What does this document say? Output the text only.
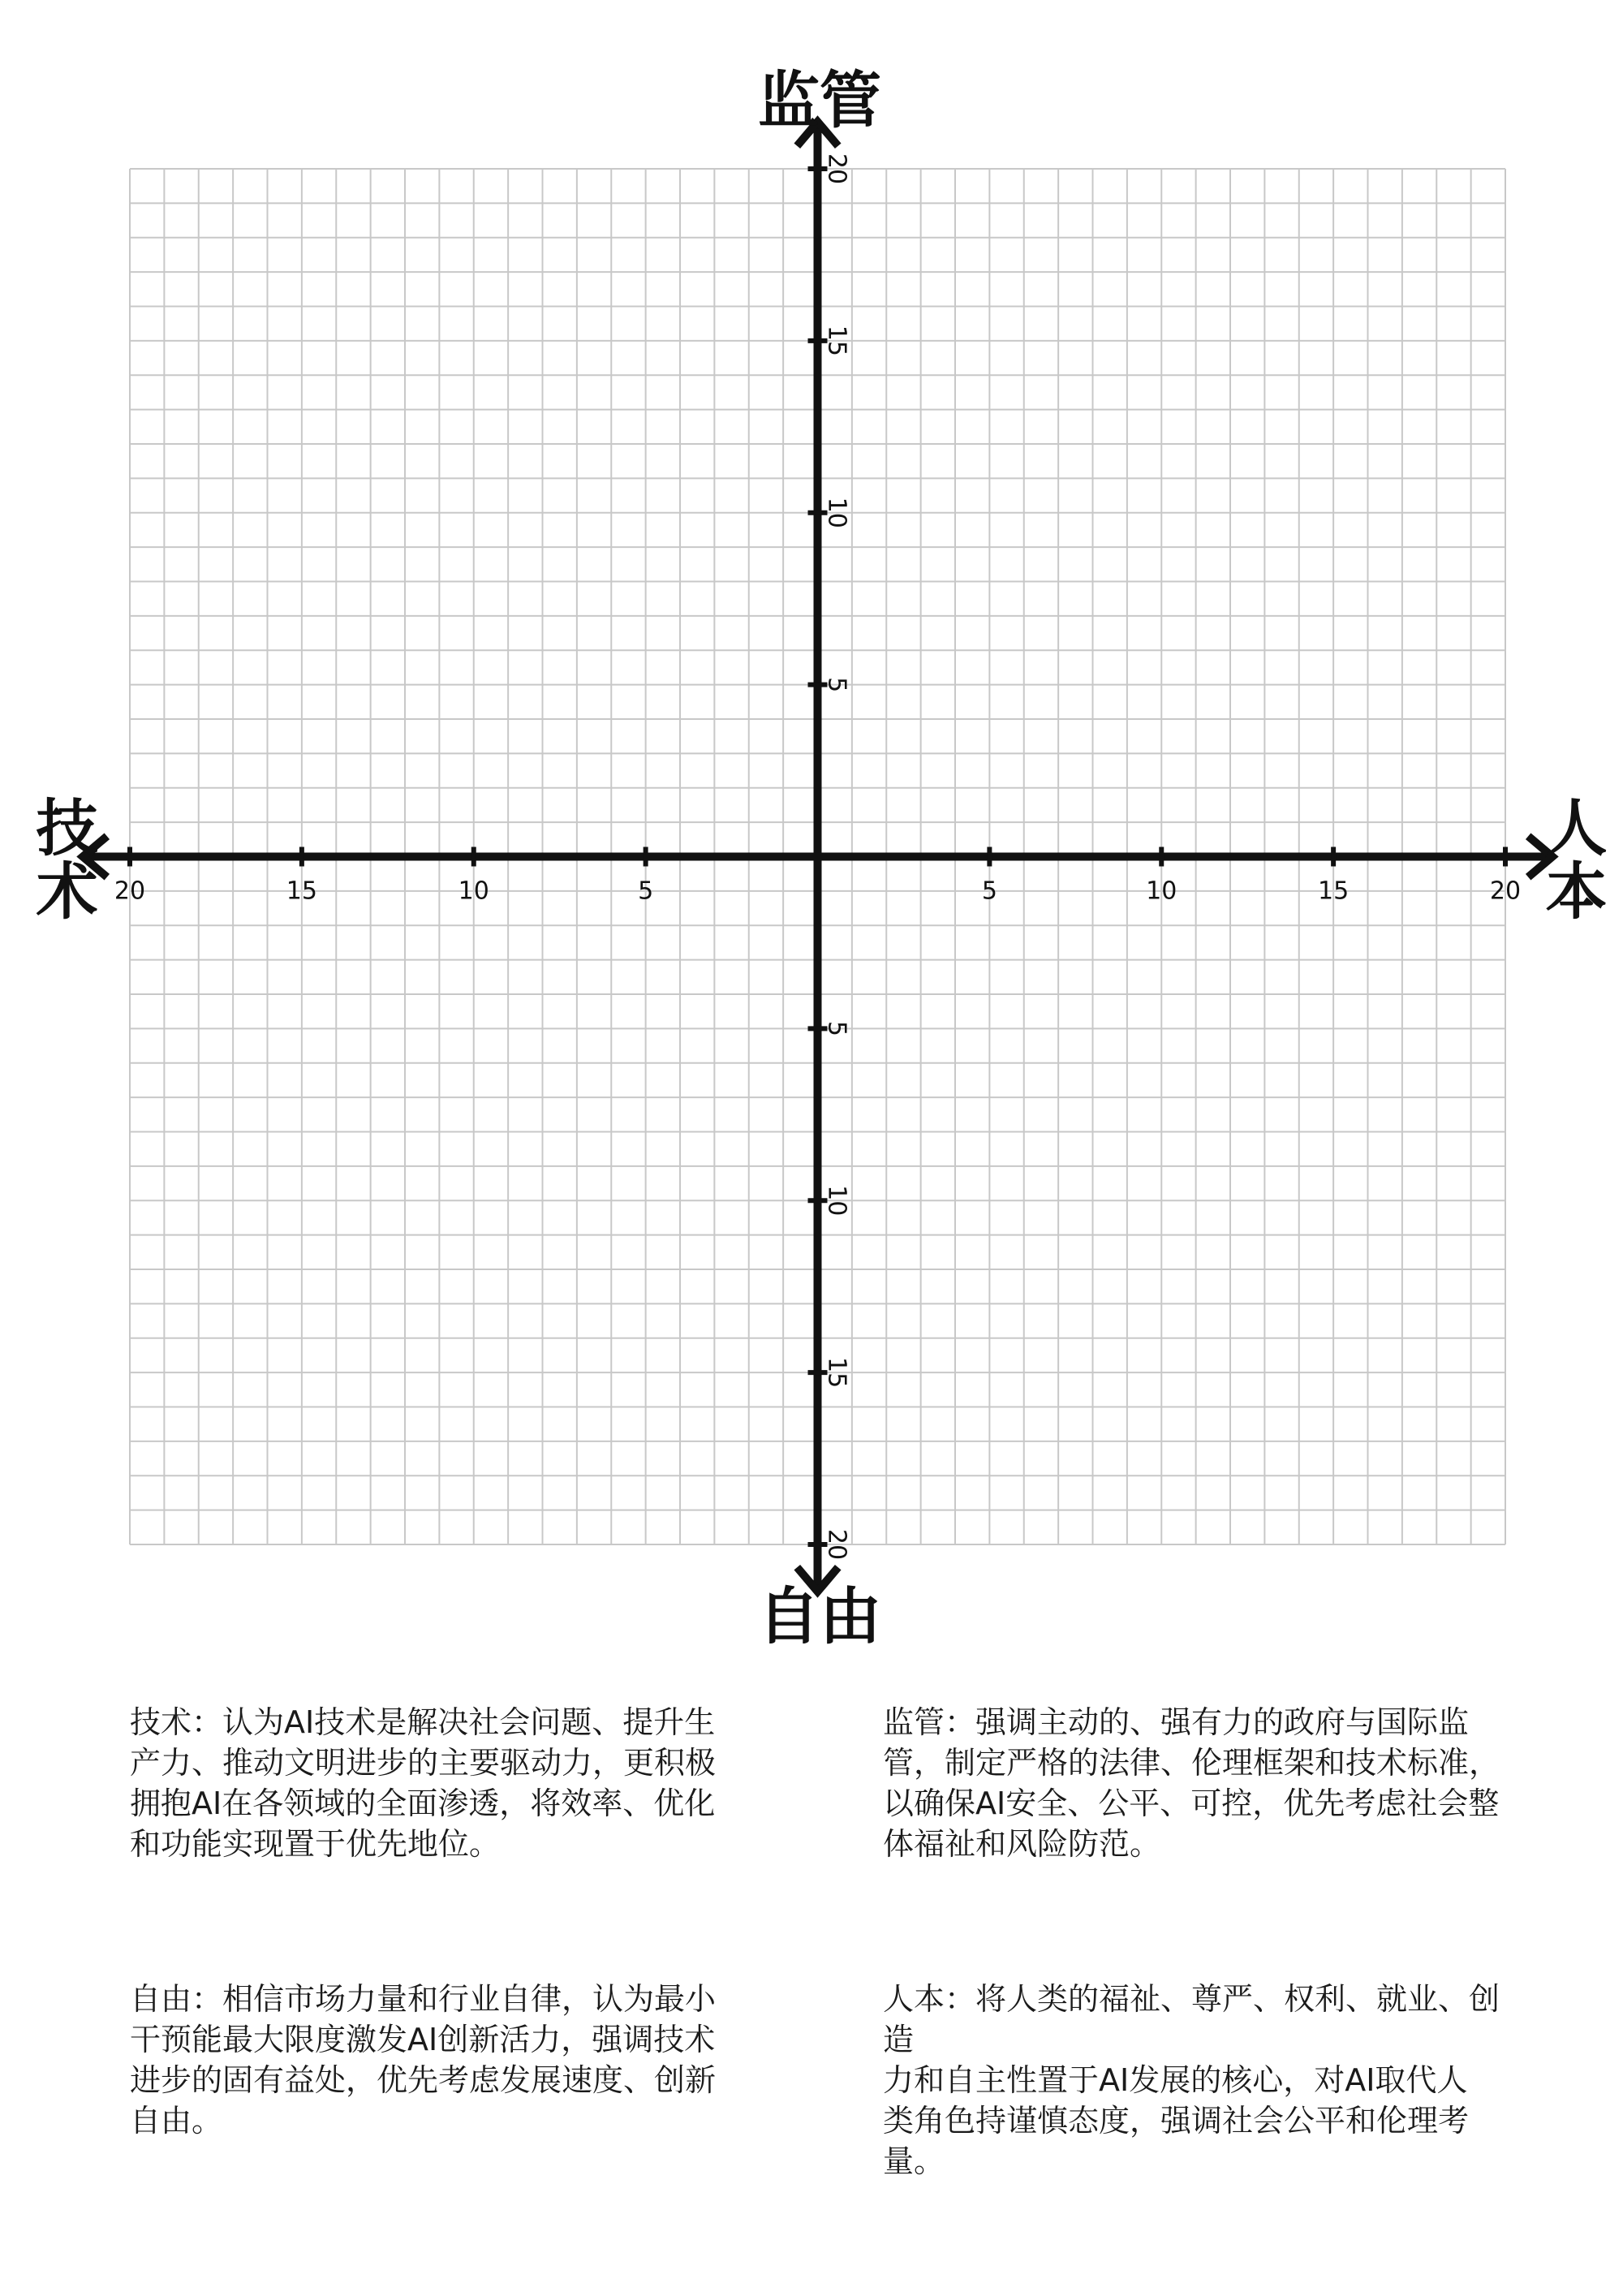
20	15	10	5	5	10	15	20
20
15
10
5
5
10
15
20
监管
自由
技术	人本
技术：认为AI技术是解决社会问题、提升生
产力、推动文明进步的主要驱动力，更积极
拥抱AI在各领域的全面渗透，将效率、优化
和功能实现置于优先地位。
监管：强调主动的、强有力的政府与国际监
管，制定严格的法律、伦理框架和技术标准，
以确保AI安全、公平、可控，优先考虑社会整
体福祉和风险防范。
自由：相信市场力量和行业自律，认为最小
干预能最大限度激发AI创新活力，强调技术
进步的固有益处，优先考虑发展速度、创新
自由。
人本：将人类的福祉、尊严、权利、就业、创造
力和自主性置于AI发展的核心，对AI取代人
类角色持谨慎态度，强调社会公平和伦理考
量。
